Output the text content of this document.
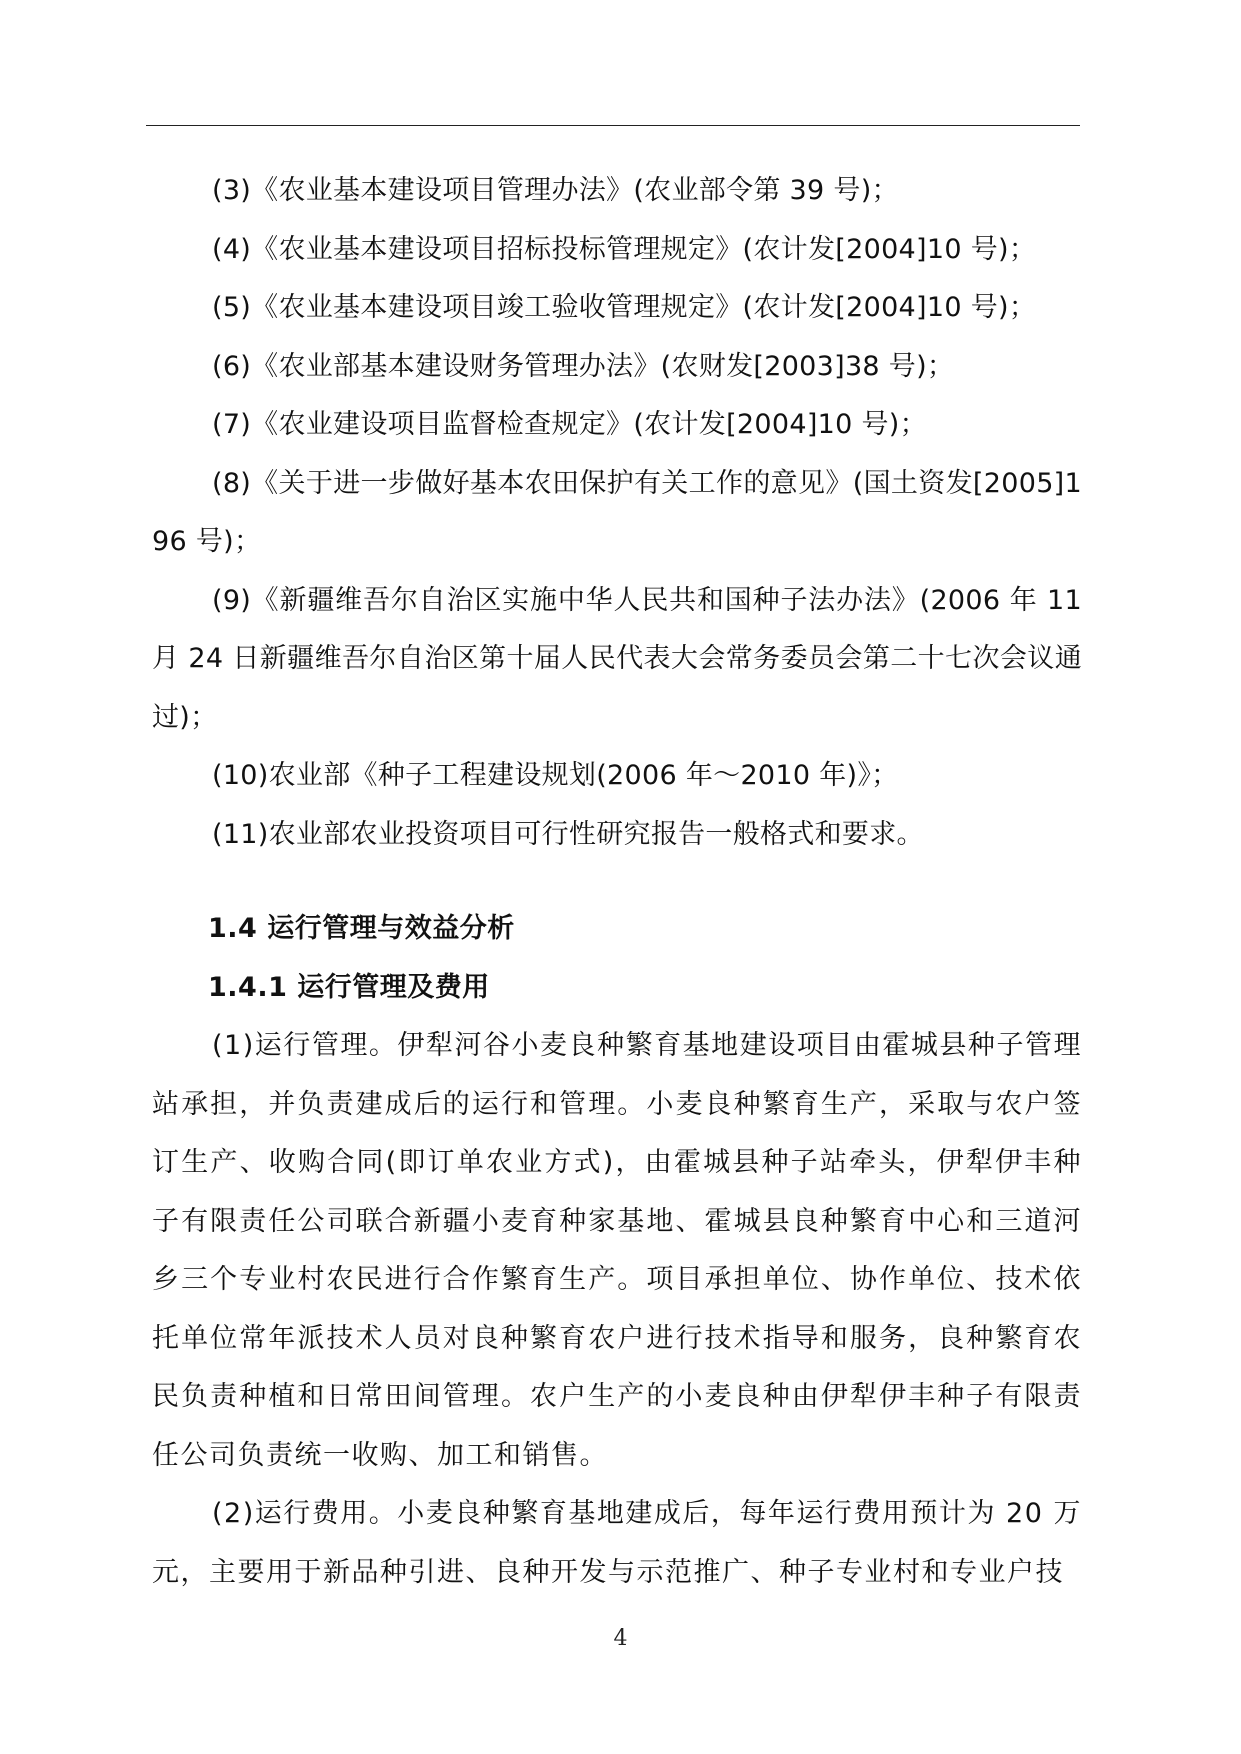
(3)《农业基本建设项目管理办法》(农业部令第 39 号)；

(4)《农业基本建设项目招标投标管理规定》(农计发[2004]10 号)；

(5)《农业基本建设项目竣工验收管理规定》(农计发[2004]10 号)；

(6)《农业部基本建设财务管理办法》(农财发[2003]38 号)；

(7)《农业建设项目监督检查规定》(农计发[2004]10 号)；

(8)《关于进一步做好基本农田保护有关工作的意见》(国土资发[2005]196 号)；

(9)《新疆维吾尔自治区实施中华人民共和国种子法办法》(2006 年 11 月 24 日新疆维吾尔自治区第十届人民代表大会常务委员会第二十七次会议通过)；

(10)农业部《种子工程建设规划(2006 年～2010 年)》；

(11)农业部农业投资项目可行性研究报告一般格式和要求。

1.4 运行管理与效益分析
1.4.1 运行管理及费用

(1)运行管理。伊犁河谷小麦良种繁育基地建设项目由霍城县种子管理站承担，并负责建成后的运行和管理。小麦良种繁育生产，采取与农户签订生产、收购合同(即订单农业方式)，由霍城县种子站牵头，伊犁伊丰种子有限责任公司联合新疆小麦育种家基地、霍城县良种繁育中心和三道河乡三个专业村农民进行合作繁育生产。项目承担单位、协作单位、技术依托单位常年派技术人员对良种繁育农户进行技术指导和服务，良种繁育农民负责种植和日常田间管理。农户生产的小麦良种由伊犁伊丰种子有限责任公司负责统一收购、加工和销售。

(2)运行费用。小麦良种繁育基地建成后，每年运行费用预计为 20 万元，主要用于新品种引进、良种开发与示范推广、种子专业村和专业户技

4
